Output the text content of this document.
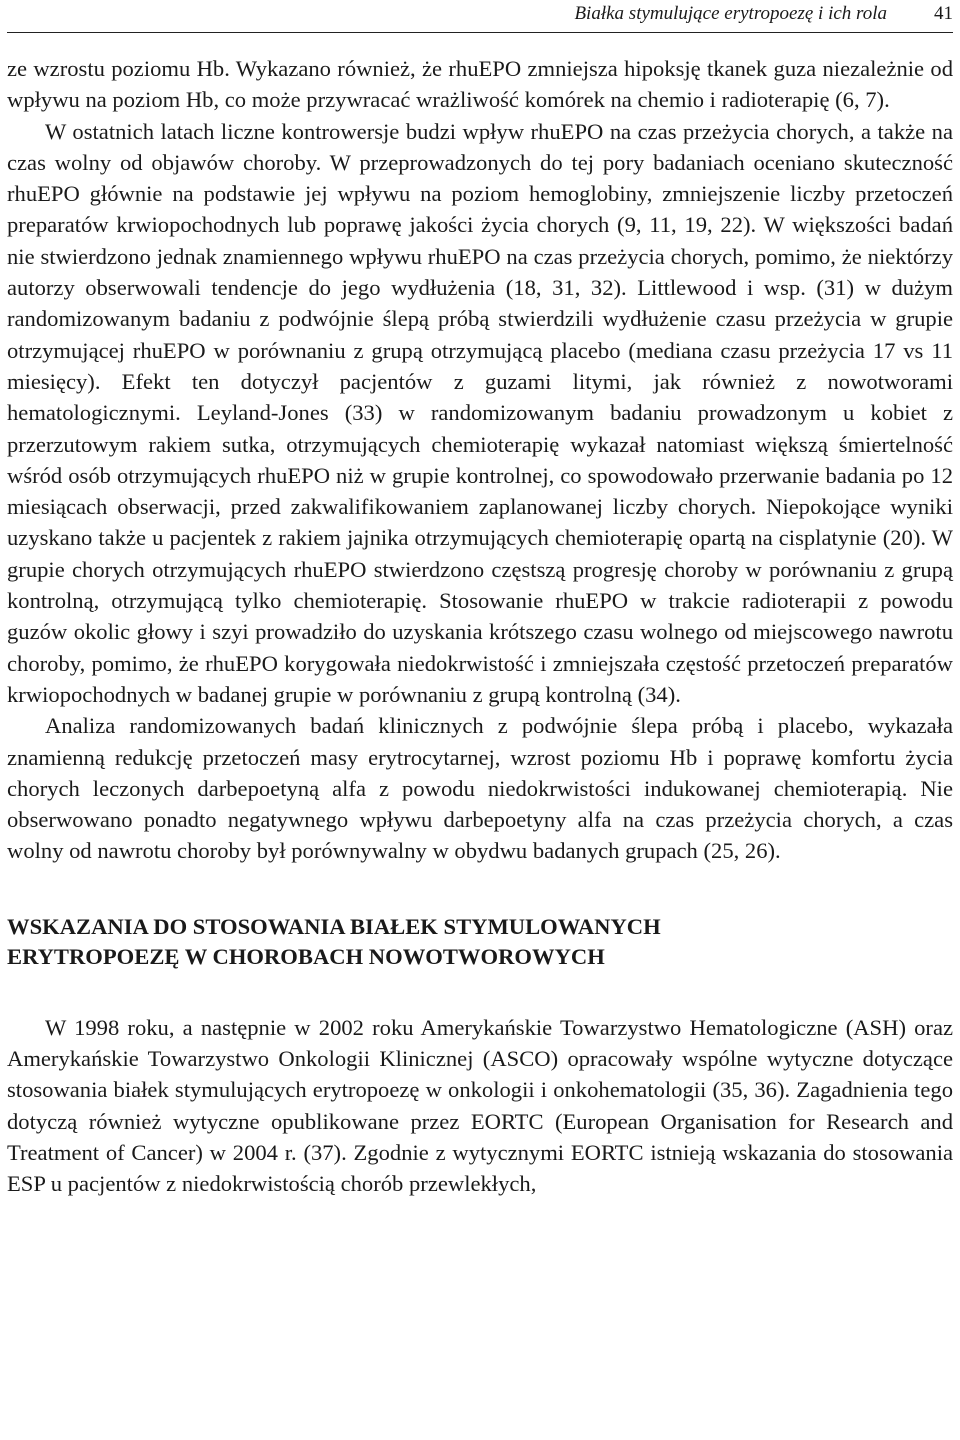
Białka stymulujące erytropoezę i ich rola 41

ze wzrostu poziomu Hb. Wykazano również, że rhuEPO zmniejsza hipoksję tkanek guza niezależnie od wpływu na poziom Hb, co może przywracać wrażliwość komórek na chemio i radioterapię (6, 7).

W ostatnich latach liczne kontrowersje budzi wpływ rhuEPO na czas przeżycia chorych, a także na czas wolny od objawów choroby. W przeprowadzonych do tej pory badaniach oceniano skuteczność rhuEPO głównie na podstawie jej wpływu na poziom hemoglobiny, zmniejszenie liczby przetoczeń preparatów krwiopochodnych lub poprawę jakości życia chorych (9, 11, 19, 22). W większości badań nie stwierdzono jednak znamiennego wpływu rhuEPO na czas przeżycia chorych, pomimo, że niektórzy autorzy obserwowali tendencje do jego wydłużenia (18, 31, 32). Littlewood i wsp. (31) w dużym randomizowanym badaniu z podwójnie ślepą próbą stwierdzili wydłużenie czasu przeżycia w grupie otrzymującej rhuEPO w porównaniu z grupą otrzymującą placebo (mediana czasu przeżycia 17 vs 11 miesięcy). Efekt ten dotyczył pacjentów z guzami litymi, jak również z nowotworami hematologicznymi. Leyland-Jones (33) w randomizowanym badaniu prowadzonym u kobiet z przerzutowym rakiem sutka, otrzymujących chemioterapię wykazał natomiast większą śmiertelność wśród osób otrzymujących rhuEPO niż w grupie kontrolnej, co spowodowało przerwanie badania po 12 miesiącach obserwacji, przed zakwalifikowaniem zaplanowanej liczby chorych. Niepokojące wyniki uzyskano także u pacjentek z rakiem jajnika otrzymujących chemioterapię opartą na cisplatynie (20). W grupie chorych otrzymujących rhuEPO stwierdzono częstszą progresję choroby w porównaniu z grupą kontrolną, otrzymującą tylko chemioterapię. Stosowanie rhuEPO w trakcie radioterapii z powodu guzów okolic głowy i szyi prowadziło do uzyskania krótszego czasu wolnego od miejscowego nawrotu choroby, pomimo, że rhuEPO korygowała niedokrwistość i zmniejszała częstość przetoczeń preparatów krwiopochodnych w badanej grupie w porównaniu z grupą kontrolną (34).

Analiza randomizowanych badań klinicznych z podwójnie ślepa próbą i placebo, wykazała znamienną redukcję przetoczeń masy erytrocytarnej, wzrost poziomu Hb i poprawę komfortu życia chorych leczonych darbepoetyną alfa z powodu niedokrwistości indukowanej chemioterapią. Nie obserwowano ponadto negatywnego wpływu darbepoetyny alfa na czas przeżycia chorych, a czas wolny od nawrotu choroby był porównywalny w obydwu badanych grupach (25, 26).

WSKAZANIA DO STOSOWANIA BIAŁEK STYMULOWANYCH
ERYTROPOEZĘ W CHOROBACH NOWOTWOROWYCH

W 1998 roku, a następnie w 2002 roku Amerykańskie Towarzystwo Hematologiczne (ASH) oraz Amerykańskie Towarzystwo Onkologii Klinicznej (ASCO) opracowały wspólne wytyczne dotyczące stosowania białek stymulujących erytropoezę w onkologii i onkohematologii (35, 36). Zagadnienia tego dotyczą również wytyczne opublikowane przez EORTC (European Organisation for Research and Treatment of Cancer) w 2004 r. (37). Zgodnie z wytycznymi EORTC istnieją wskazania do stosowania ESP u pacjentów z niedokrwistością chorób przewlekłych,
